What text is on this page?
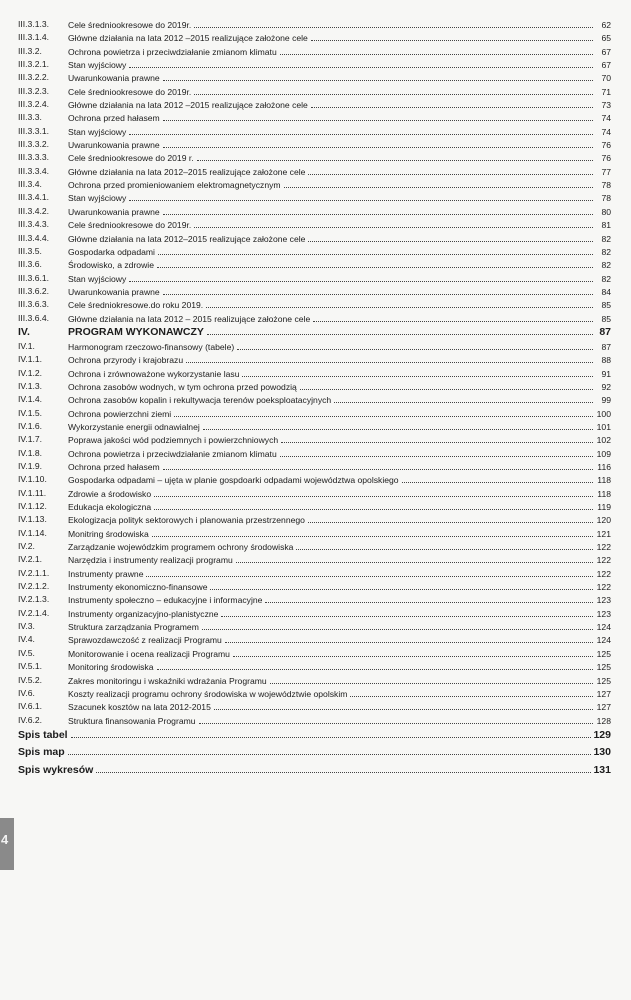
III.3.1.3.	Cele średniookresowe do 2019r.	62
III.3.1.4.	Główne działania na lata 2012 –2015 realizujące założone cele	65
III.3.2.	Ochrona powietrza i przeciwdziałanie zmianom klimatu	67
III.3.2.1.	Stan wyjściowy	67
III.3.2.2.	Uwarunkowania prawne	70
III.3.2.3.	Cele średniookresowe do 2019r.	71
III.3.2.4.	Główne działania na lata 2012 –2015 realizujące założone cele	73
III.3.3.	Ochrona przed hałasem	74
III.3.3.1.	Stan wyjściowy	74
III.3.3.2.	Uwarunkowania prawne	76
III.3.3.3.	Cele średniookresowe do 2019 r.	76
III.3.3.4.	Główne działania na lata 2012–2015 realizujące założone cele	77
III.3.4.	Ochrona przed promieniowaniem elektromagnetycznym	78
III.3.4.1.	Stan wyjściowy	78
III.3.4.2.	Uwarunkowania prawne	80
III.3.4.3.	Cele średniookresowe do 2019r.	81
III.3.4.4.	Główne działania na lata 2012–2015 realizujące założone cele	82
III.3.5.	Gospodarka odpadami	82
III.3.6.	Środowisko, a zdrowie	82
III.3.6.1.	Stan wyjściowy	82
III.3.6.2.	Uwarunkowania prawne	84
III.3.6.3.	Cele średniokresowe.do roku 2019.	85
III.3.6.4.	Główne działania na lata 2012 – 2015 realizujące założone cele	85
IV.	PROGRAM WYKONAWCZY	87
IV.1.	Harmonogram rzeczowo-finansowy (tabele)	87
IV.1.1.	Ochrona przyrody i krajobrazu	88
IV.1.2.	Ochrona i zrównoważone wykorzystanie lasu	91
IV.1.3.	Ochrona zasobów wodnych, w tym ochrona przed powodzią	92
IV.1.4.	Ochrona zasobów kopalin i rekultywacja terenów poeksploatacyjnych	99
IV.1.5.	Ochrona powierzchni ziemi	100
IV.1.6.	Wykorzystanie energii odnawialnej	101
IV.1.7.	Poprawa jakości wód podziemnych i powierzchniowych	102
IV.1.8.	Ochrona powietrza i przeciwdziałanie zmianom klimatu	109
IV.1.9.	Ochrona przed hałasem	116
IV.1.10.	Gospodarka odpadami – ujęta w planie gospdoarki odpadami województwa opolskiego	118
IV.1.11.	Zdrowie a środowisko	118
IV.1.12.	Edukacja ekologiczna	119
IV.1.13.	Ekologizacja polityk sektorowych i planowania przestrzennego	120
IV.1.14.	Monitring środowiska	121
IV.2.	Zarządzanie wojewódzkim programem ochrony środowiska	122
IV.2.1.	Narzędzia i instrumenty realizacji programu	122
IV.2.1.1.	Instrumenty prawne	122
IV.2.1.2.	Instrumenty ekonomiczno-finansowe	122
IV.2.1.3.	Instrumenty społeczno – edukacyjne i informacyjne	123
IV.2.1.4.	Instrumenty organizacyjno-planistyczne	123
IV.3.	Struktura zarządzania Programem	124
IV.4.	Sprawozdawczość z realizacji Programu	124
IV.5.	Monitorowanie i ocena realizacji Programu	125
IV.5.1.	Monitoring środowiska	125
IV.5.2.	Zakres monitoringu i wskaźniki wdrażania Programu	125
IV.6.	Koszty realizacji programu ochrony środowiska w województwie opolskim	127
IV.6.1.	Szacunek kosztów na lata 2012-2015	127
IV.6.2.	Struktura finansowania Programu	128
Spis tabel	129
Spis map	130
Spis wykresów	131
4
